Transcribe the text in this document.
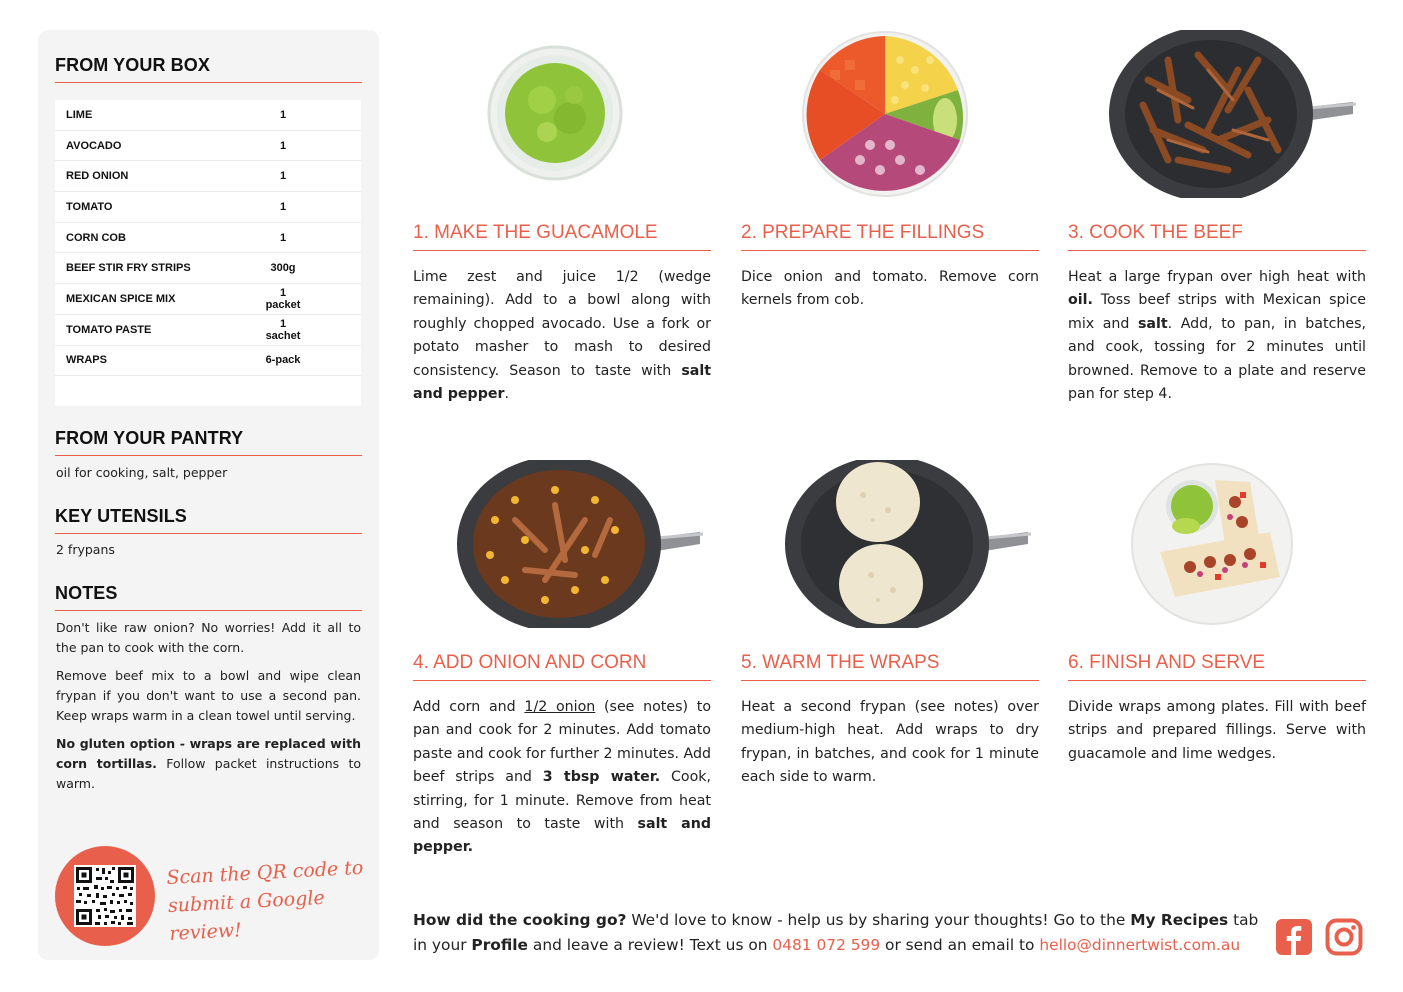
FROM YOUR BOX
LIME	1
AVOCADO	1
RED ONION	1
TOMATO	1
CORN COB	1
BEEF STIR FRY STRIPS	300g
MEXICAN SPICE MIX	1 packet
TOMATO PASTE	1 sachet
WRAPS	6-pack
FROM YOUR PANTRY
oil for cooking, salt, pepper
KEY UTENSILS
2 frypans
NOTES
Don't like raw onion? No worries! Add it all to the pan to cook with the corn.
Remove beef mix to a bowl and wipe clean frypan if you don't want to use a second pan. Keep wraps warm in a clean towel until serving.
No gluten option - wraps are replaced with corn tortillas. Follow packet instructions to warm.
Scan the QR code to
submit a Google review!
1. MAKE THE GUACAMOLE
Lime zest and juice 1/2 (wedge remaining). Add to a bowl along with roughly chopped avocado. Use a fork or potato masher to mash to desired consistency. Season to taste with salt and pepper.
2. PREPARE THE FILLINGS
Dice onion and tomato. Remove corn kernels from cob.
3. COOK THE BEEF
Heat a large frypan over high heat with oil. Toss beef strips with Mexican spice mix and salt. Add, to pan, in batches, and cook, tossing for 2 minutes until browned. Remove to a plate and reserve pan for step 4.
4. ADD ONION AND CORN
Add corn and 1/2 onion (see notes) to pan and cook for 2 minutes. Add tomato paste and cook for further 2 minutes. Add beef strips and 3 tbsp water. Cook, stirring, for 1 minute. Remove from heat and season to taste with salt and pepper.
5. WARM THE WRAPS
Heat a second frypan (see notes) over medium-high heat. Add wraps to dry frypan, in batches, and cook for 1 minute each side to warm.
6. FINISH AND SERVE
Divide wraps among plates. Fill with beef strips and prepared fillings. Serve with guacamole and lime wedges.
How did the cooking go? We'd love to know - help us by sharing your thoughts! Go to the My Recipes tab in your Profile and leave a review! Text us on 0481 072 599 or send an email to hello@dinnertwist.com.au
